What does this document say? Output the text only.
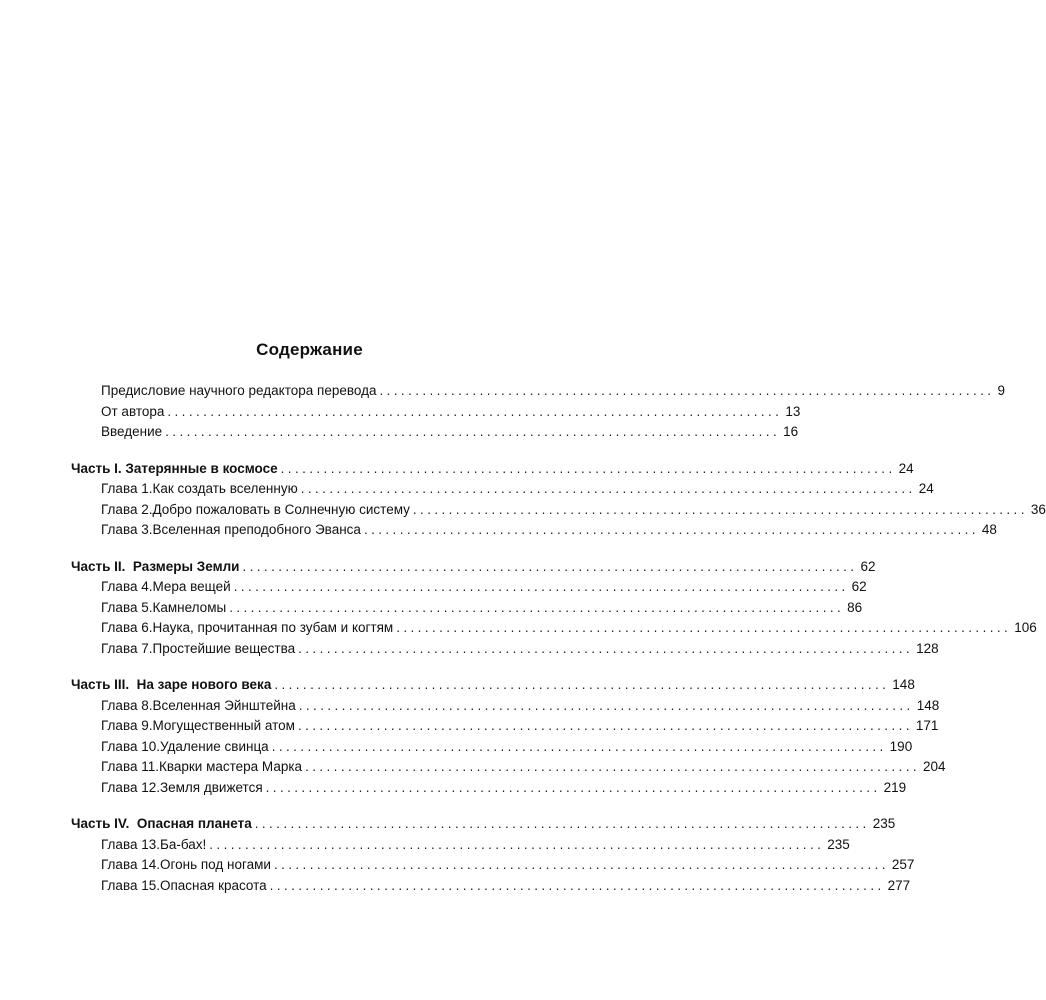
Содержание
Предисловие научного редактора перевода ...................................................................................... 9
От автора ...................................................................................... 13
Введение ...................................................................................... 16
Часть I. Затерянные в космосе ...................................................................................... 24
Глава 1. Как создать вселенную ...................................................................................... 24
Глава 2. Добро пожаловать в Солнечную систему ...................................................................................... 36
Глава 3. Вселенная преподобного Эванса ...................................................................................... 48
Часть II.  Размеры Земли ...................................................................................... 62
Глава 4. Мера вещей ...................................................................................... 62
Глава 5. Камнеломы ...................................................................................... 86
Глава 6. Наука, прочитанная по зубам и когтям ...................................................................................... 106
Глава 7. Простейшие вещества ...................................................................................... 128
Часть III.  На заре нового века ...................................................................................... 148
Глава 8. Вселенная Эйнштейна ...................................................................................... 148
Глава 9. Могущественный атом ...................................................................................... 171
Глава 10. Удаление свинца ...................................................................................... 190
Глава 11. Кварки мастера Марка ...................................................................................... 204
Глава 12. Земля движется ...................................................................................... 219
Часть IV.  Опасная планета ...................................................................................... 235
Глава 13. Ба-бах! ...................................................................................... 235
Глава 14. Огонь под ногами ...................................................................................... 257
Глава 15. Опасная красота ...................................................................................... 277
